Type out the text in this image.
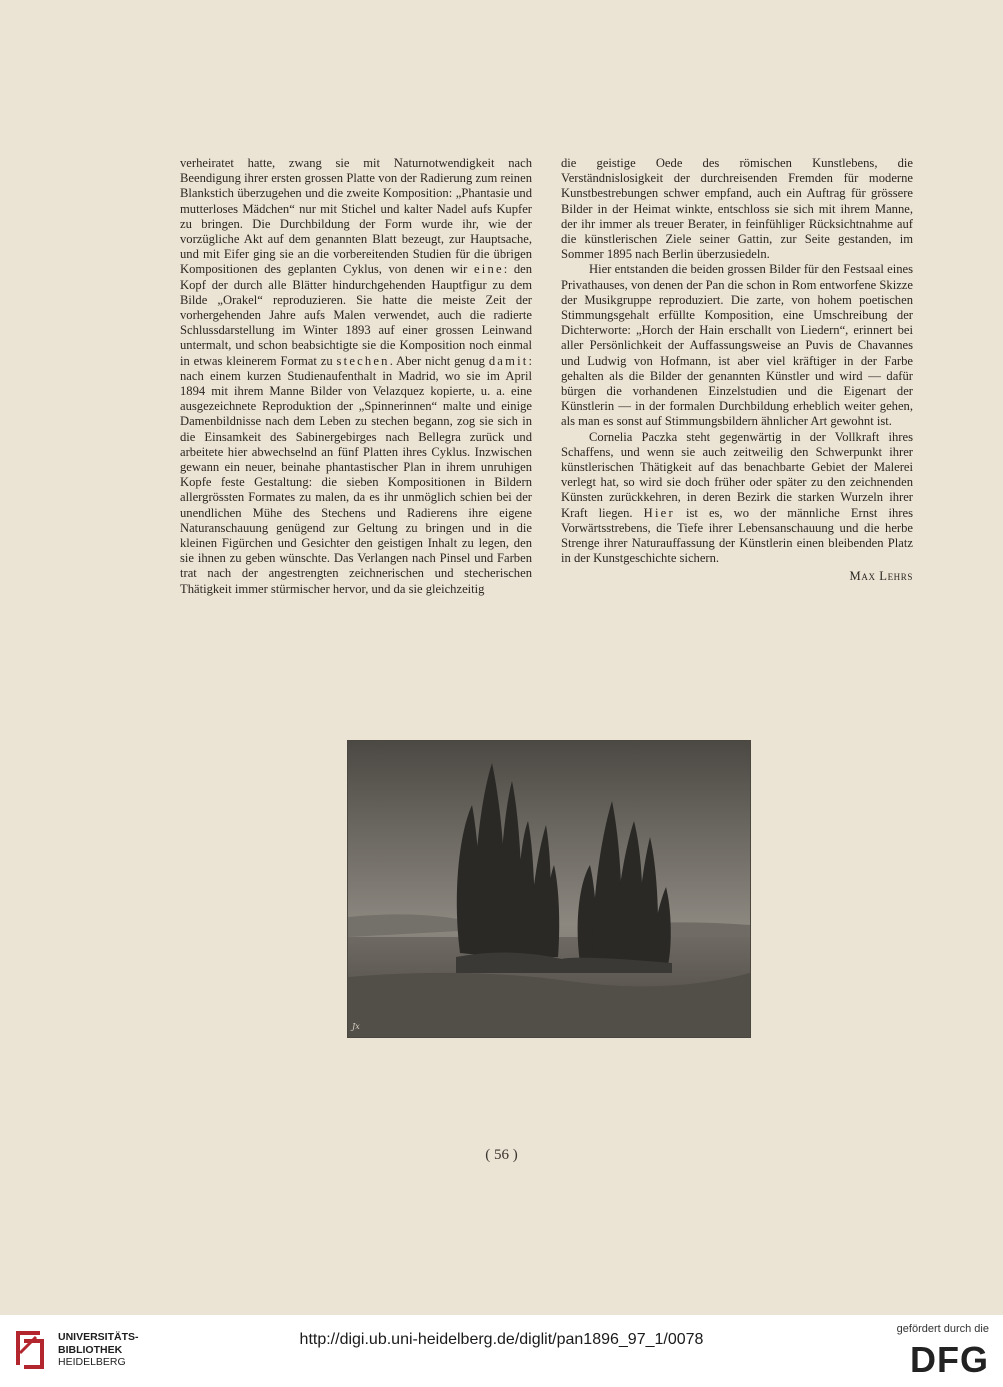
verheiratet hatte, zwang sie mit Naturnotwendigkeit nach Beendigung ihrer ersten grossen Platte von der Radierung zum reinen Blankstich überzugehen und die zweite Komposition: „Phantasie und mutterloses Mädchen“ nur mit Stichel und kalter Nadel aufs Kupfer zu bringen. Die Durchbildung der Form wurde ihr, wie der vorzügliche Akt auf dem genannten Blatt bezeugt, zur Hauptsache, und mit Eifer ging sie an die vorbereitenden Studien für die übrigen Kompositionen des geplanten Cyklus, von denen wir eine: den Kopf der durch alle Blätter hindurchgehenden Hauptfigur zu dem Bilde „Orakel“ reproduzieren. Sie hatte die meiste Zeit der vorhergehenden Jahre aufs Malen verwendet, auch die radierte Schlussdarstellung im Winter 1893 auf einer grossen Leinwand untermalt, und schon beabsichtigte sie die Komposition noch einmal in etwas kleinerem Format zu stechen. Aber nicht genug damit: nach einem kurzen Studienaufenthalt in Madrid, wo sie im April 1894 mit ihrem Manne Bilder von Velazquez kopierte, u. a. eine ausgezeichnete Reproduktion der „Spinnerinnen“ malte und einige Damenbildnisse nach dem Leben zu stechen begann, zog sie sich in die Einsamkeit des Sabinergebirges nach Bellegra zurück und arbeitete hier abwechselnd an fünf Platten ihres Cyklus. Inzwischen gewann ein neuer, beinahe phantastischer Plan in ihrem unruhigen Kopfe feste Gestaltung: die sieben Kompositionen in Bildern allergrössten Formates zu malen, da es ihr unmöglich schien bei der unendlichen Mühe des Stechens und Radierens ihre eigene Naturanschauung genügend zur Geltung zu bringen und in die kleinen Figürchen und Gesichter den geistigen Inhalt zu legen, den sie ihnen zu geben wünschte. Das Verlangen nach Pinsel und Farben trat nach der angestrengten zeichnerischen und stecherischen Thätigkeit immer stürmischer hervor, und da sie gleichzeitig

die geistige Oede des römischen Kunstlebens, die Verständnislosigkeit der durchreisenden Fremden für moderne Kunstbestrebungen schwer empfand, auch ein Auftrag für grössere Bilder in der Heimat winkte, entschloss sie sich mit ihrem Manne, der ihr immer als treuer Berater, in feinfühliger Rücksichtnahme auf die künstlerischen Ziele seiner Gattin, zur Seite gestanden, im Sommer 1895 nach Berlin überzusiedeln.

Hier entstanden die beiden grossen Bilder für den Festsaal eines Privathauses, von denen der Pan die schon in Rom entworfene Skizze der Musikgruppe reproduziert. Die zarte, von hohem poetischen Stimmungsgehalt erfüllte Komposition, eine Umschreibung der Dichterworte: „Horch der Hain erschallt von Liedern“, erinnert bei aller Persönlichkeit der Auffassungsweise an Puvis de Chavannes und Ludwig von Hofmann, ist aber viel kräftiger in der Farbe gehalten als die Bilder der genannten Künstler und wird — dafür bürgen die vorhandenen Einzelstudien und die Eigenart der Künstlerin — in der formalen Durchbildung erheblich weiter gehen, als man es sonst auf Stimmungsbildern ähnlicher Art gewohnt ist.

Cornelia Paczka steht gegenwärtig in der Vollkraft ihres Schaffens, und wenn sie auch zeitweilig den Schwerpunkt ihrer künstlerischen Thätigkeit auf das benachbarte Gebiet der Malerei verlegt hat, so wird sie doch früher oder später zu den zeichnenden Künsten zurückkehren, in deren Bezirk die starken Wurzeln ihrer Kraft liegen. Hier ist es, wo der männliche Ernst ihres Vorwärtsstrebens, die Tiefe ihrer Lebensanschauung und die herbe Strenge ihrer Naturauffassung der Künstlerin einen bleibenden Platz in der Kunstgeschichte sichern.

Max Lehrs
Jx
( 56 )
UNIVERSITÄTS-
BIBLIOTHEK
HEIDELBERG
http://digi.ub.uni-heidelberg.de/diglit/pan1896_97_1/0078
gefördert durch die
DFG
